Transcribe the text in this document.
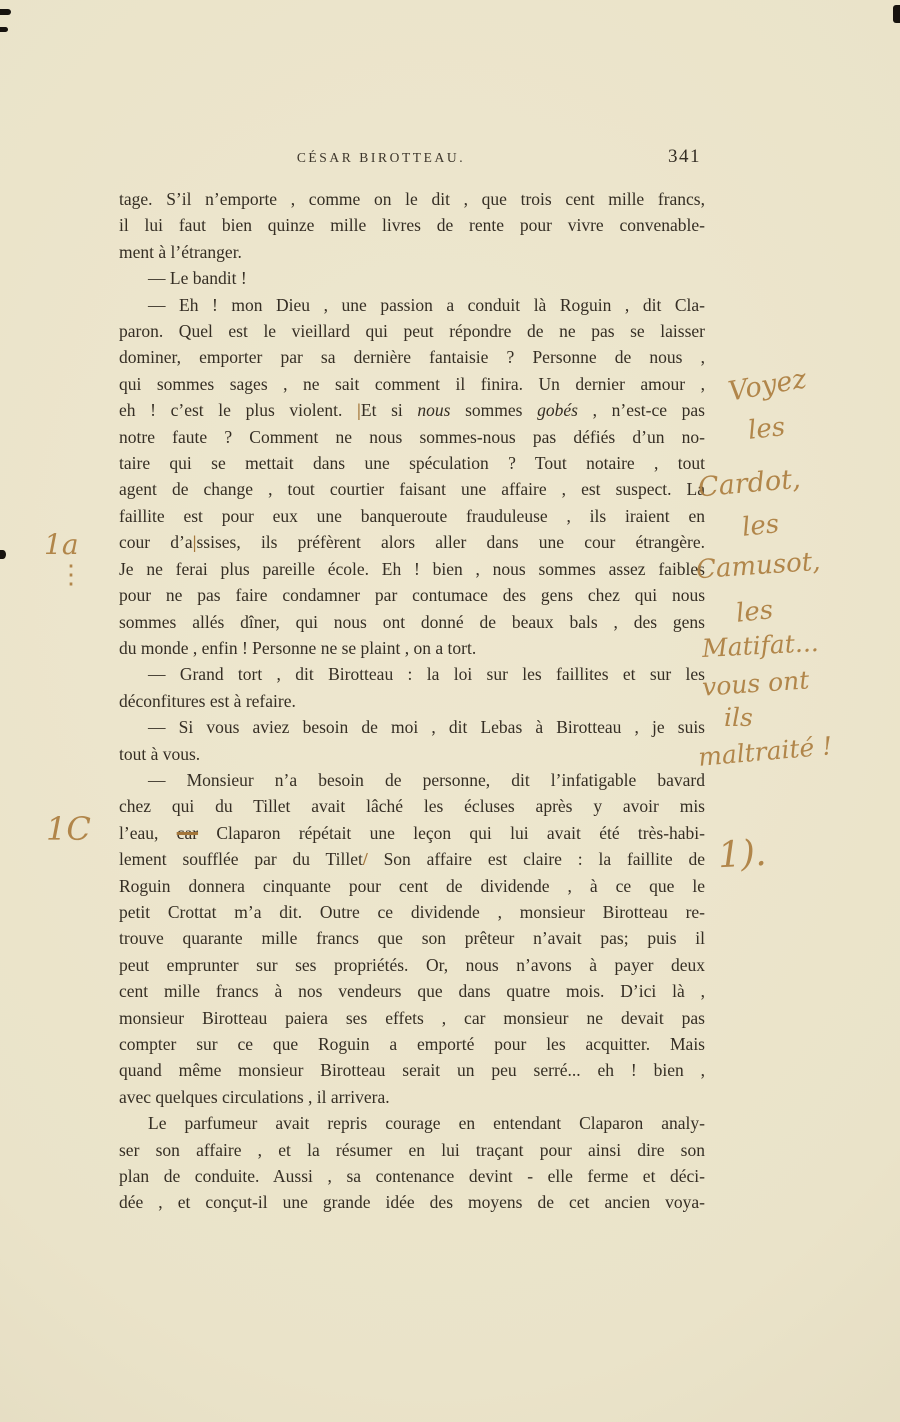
CÉSAR BIROTTEAU.	341
tage. S’il n’emporte , comme on le dit , que trois cent mille francs,
il lui faut bien quinze mille livres de rente pour vivre convenable-
ment à l’étranger.
— Le bandit !
— Eh ! mon Dieu , une passion a conduit là Roguin , dit Cla-
paron. Quel est le vieillard qui peut répondre de ne pas se laisser
dominer, emporter par sa dernière fantaisie ? Personne de nous ,
qui sommes sages , ne sait comment il finira. Un dernier amour ,
eh ! c’est le plus violent. |Et si nous sommes gobés , n’est-ce pas
notre faute ? Comment ne nous sommes-nous pas défiés d’un no-
taire qui se mettait dans une spéculation ? Tout notaire , tout
agent de change , tout courtier faisant une affaire , est suspect. La
faillite est pour eux une banqueroute frauduleuse , ils iraient en
cour d’a|ssises, ils préfèrent alors aller dans une cour étrangère.
Je ne ferai plus pareille école. Eh ! bien , nous sommes assez faibles
pour ne pas faire condamner par contumace des gens chez qui nous
sommes allés dîner, qui nous ont donné de beaux bals , des gens
du monde , enfin ! Personne ne se plaint , on a tort.
— Grand tort , dit Birotteau : la loi sur les faillites et sur les
déconfitures est à refaire.
— Si vous aviez besoin de moi , dit Lebas à Birotteau , je suis
tout à vous.
— Monsieur n’a besoin de personne, dit l’infatigable bavard
chez qui du Tillet avait lâché les écluses après y avoir mis
l’eau, car Claparon répétait une leçon qui lui avait été très-habi-
lement soufflée par du Tillet/ Son affaire est claire : la faillite de
Roguin donnera cinquante pour cent de dividende , à ce que le
petit Crottat m’a dit. Outre ce dividende , monsieur Birotteau re-
trouve quarante mille francs que son prêteur n’avait pas; puis il
peut emprunter sur ses propriétés. Or, nous n’avons à payer deux
cent mille francs à nos vendeurs que dans quatre mois. D’ici là ,
monsieur Birotteau paiera ses effets , car monsieur ne devait pas
compter sur ce que Roguin a emporté pour les acquitter. Mais
quand même monsieur Birotteau serait un peu serré... eh ! bien ,
avec quelques circulations , il arrivera.
Le parfumeur avait repris courage en entendant Claparon analy-
ser son affaire , et la résumer en lui traçant pour ainsi dire son
plan de conduite. Aussi , sa contenance devint - elle ferme et déci-
dée , et conçut-il une grande idée des moyens de cet ancien voya-
Voyez
les
Cardot,
les
Camusot,
les
Matifat...
vous ont
ils
maltraité !
1).
1a
⋮
1C
